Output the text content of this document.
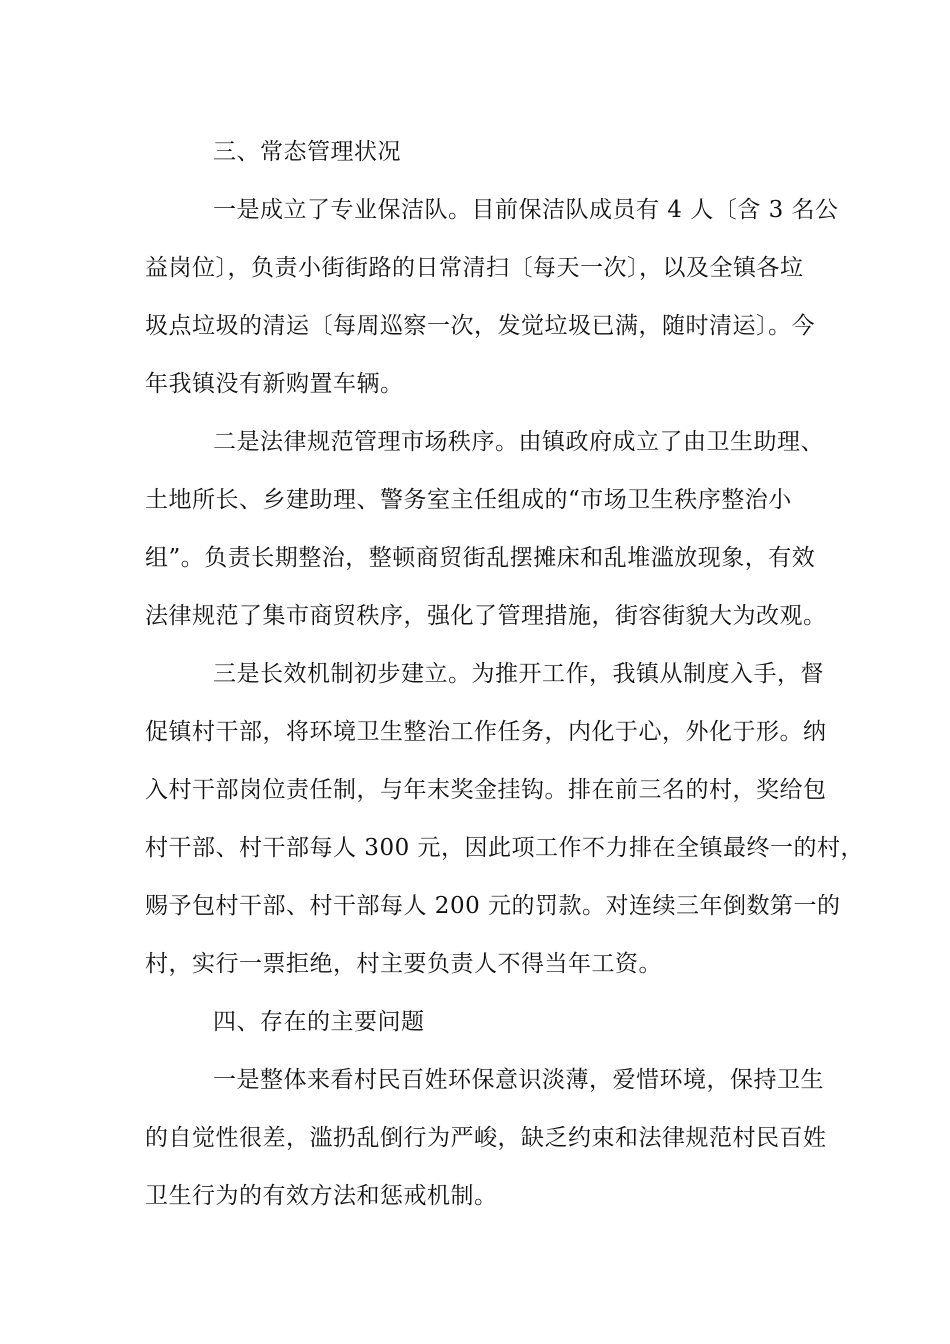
三、常态管理状况
一是成立了专业保洁队。目前保洁队成员有 4 人〔含 3 名公
益岗位〕，负责小街街路的日常清扫〔每天一次〕，以及全镇各垃
圾点垃圾的清运〔每周巡察一次，发觉垃圾已满，随时清运〕。今
年我镇没有新购置车辆。
二是法律规范管理市场秩序。由镇政府成立了由卫生助理、
土地所长、乡建助理、警务室主任组成的“市场卫生秩序整治小
组”。负责长期整治，整顿商贸街乱摆摊床和乱堆滥放现象，有效
法律规范了集市商贸秩序，强化了管理措施，街容街貌大为改观。
三是长效机制初步建立。为推开工作，我镇从制度入手，督
促镇村干部，将环境卫生整治工作任务，内化于心，外化于形。纳
入村干部岗位责任制，与年末奖金挂钩。排在前三名的村，奖给包
村干部、村干部每人 300 元，因此项工作不力排在全镇最终一的村，
赐予包村干部、村干部每人 200 元的罚款。对连续三年倒数第一的
村，实行一票拒绝，村主要负责人不得当年工资。
四、存在的主要问题
一是整体来看村民百姓环保意识淡薄，爱惜环境，保持卫生
的自觉性很差，滥扔乱倒行为严峻，缺乏约束和法律规范村民百姓
卫生行为的有效方法和惩戒机制。
